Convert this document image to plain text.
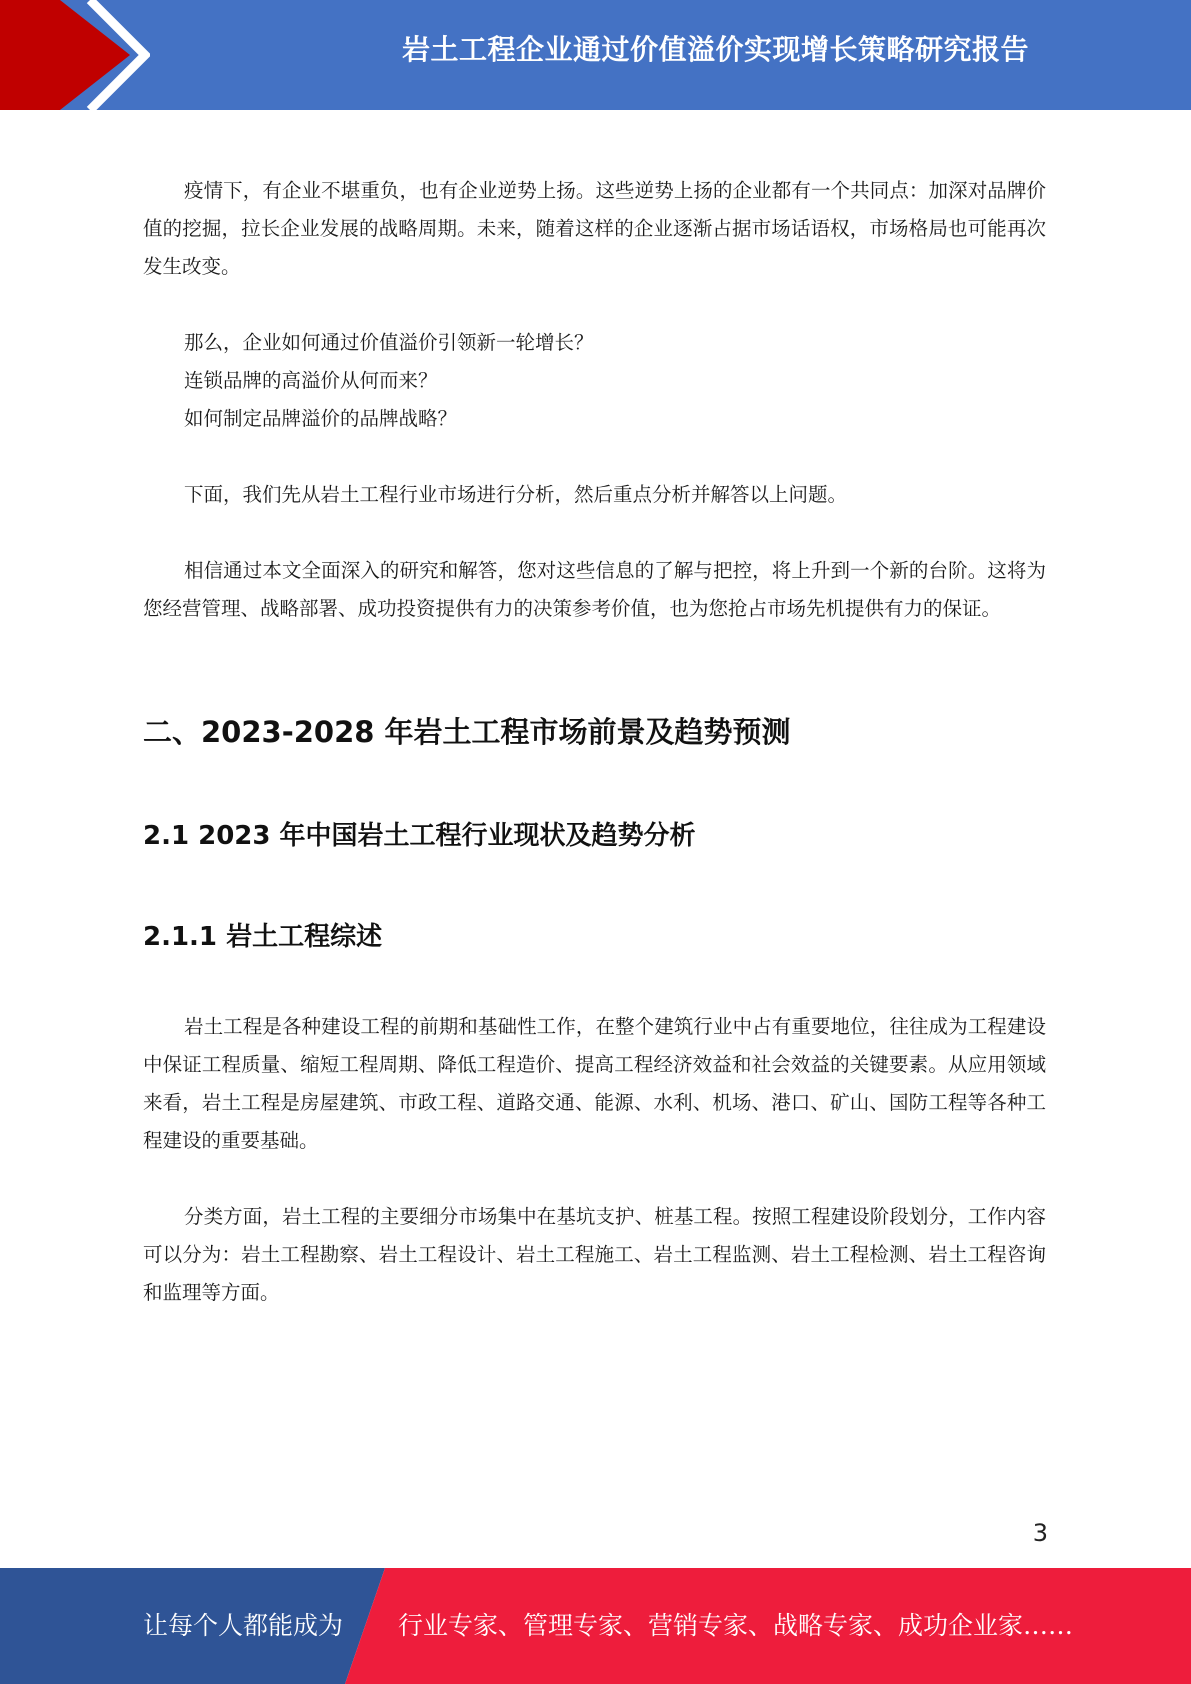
岩土工程企业通过价值溢价实现增长策略研究报告

疫情下，有企业不堪重负，也有企业逆势上扬。这些逆势上扬的企业都有一个共同点：加深对品牌价值的挖掘，拉长企业发展的战略周期。未来，随着这样的企业逐渐占据市场话语权，市场格局也可能再次发生改变。

那么，企业如何通过价值溢价引领新一轮增长？

连锁品牌的高溢价从何而来？

如何制定品牌溢价的品牌战略？

下面，我们先从岩土工程行业市场进行分析，然后重点分析并解答以上问题。

相信通过本文全面深入的研究和解答，您对这些信息的了解与把控，将上升到一个新的台阶。这将为您经营管理、战略部署、成功投资提供有力的决策参考价值，也为您抢占市场先机提供有力的保证。

二、2023-2028 年岩土工程市场前景及趋势预测
2.1 2023 年中国岩土工程行业现状及趋势分析
2.1.1 岩土工程综述

岩土工程是各种建设工程的前期和基础性工作，在整个建筑行业中占有重要地位，往往成为工程建设中保证工程质量、缩短工程周期、降低工程造价、提高工程经济效益和社会效益的关键要素。从应用领域来看，岩土工程是房屋建筑、市政工程、道路交通、能源、水利、机场、港口、矿山、国防工程等各种工程建设的重要基础。

分类方面，岩土工程的主要细分市场集中在基坑支护、桩基工程。按照工程建设阶段划分，工作内容可以分为：岩土工程勘察、岩土工程设计、岩土工程施工、岩土工程监测、岩土工程检测、岩土工程咨询和监理等方面。

3
让每个人都能成为 行业专家、管理专家、营销专家、战略专家、成功企业家……
